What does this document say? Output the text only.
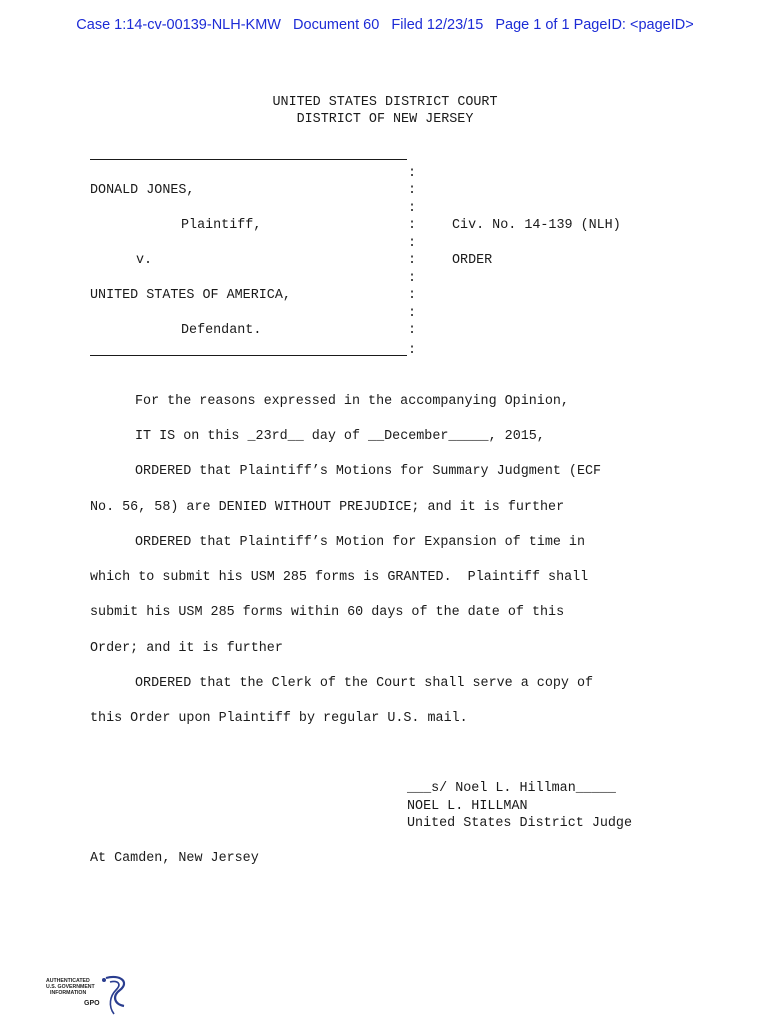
Case 1:14-cv-00139-NLH-KMW   Document 60   Filed 12/23/15   Page 1 of 1 PageID: <pageID>
UNITED STATES DISTRICT COURT
DISTRICT OF NEW JERSEY
:
DONALD JONES,	:
:
Plaintiff,	:	Civ. No. 14-139 (NLH)
:
v.	:	ORDER
:
UNITED STATES OF AMERICA,	:
:
Defendant.	:
:
For the reasons expressed in the accompanying Opinion,
IT IS on this _23rd__ day of __December_____, 2015,
ORDERED that Plaintiff’s Motions for Summary Judgment (ECF
No. 56, 58) are DENIED WITHOUT PREJUDICE; and it is further
ORDERED that Plaintiff’s Motion for Expansion of time in
which to submit his USM 285 forms is GRANTED.  Plaintiff shall
submit his USM 285 forms within 60 days of the date of this
Order; and it is further
ORDERED that the Clerk of the Court shall serve a copy of
this Order upon Plaintiff by regular U.S. mail.
___s/ Noel L. Hillman_____
NOEL L. HILLMAN
United States District Judge
At Camden, New Jersey
AUTHENTICATED
U.S. GOVERNMENT
INFORMATION
GPO
